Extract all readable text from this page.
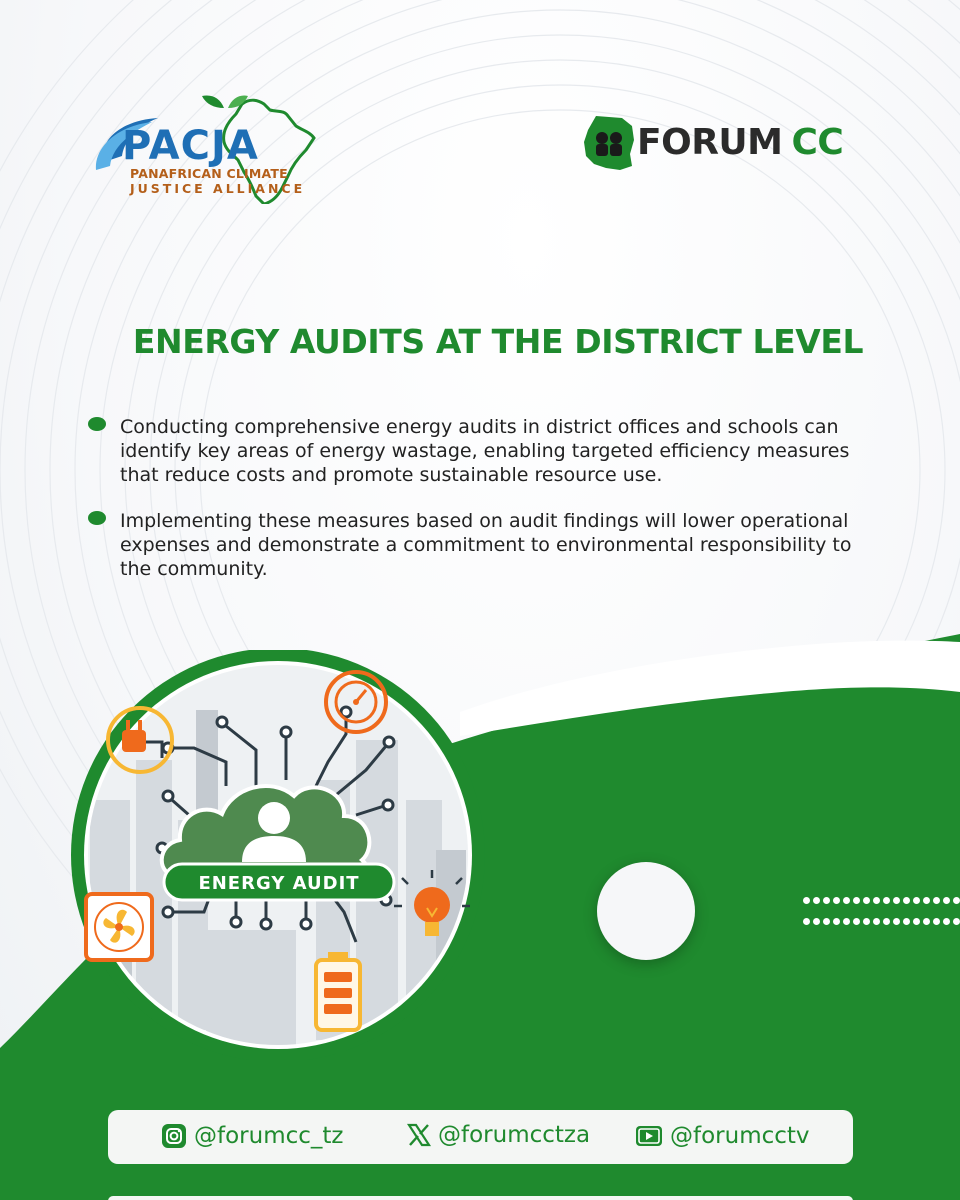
PACJA
PANAFRICAN CLIMATE
JUSTICE ALLIANCE
FORUM CC
ENERGY AUDITS AT THE DISTRICT LEVEL
Conducting comprehensive energy audits in district offices and schools can identify key areas of energy wastage, enabling targeted efficiency measures that reduce costs and promote sustainable resource use.
Implementing these measures based on audit findings will lower operational expenses and demonstrate a commitment to environmental responsibility to the community.
ENERGY AUDIT
@forumcc_tz	@forumcctza	@forumcctv
